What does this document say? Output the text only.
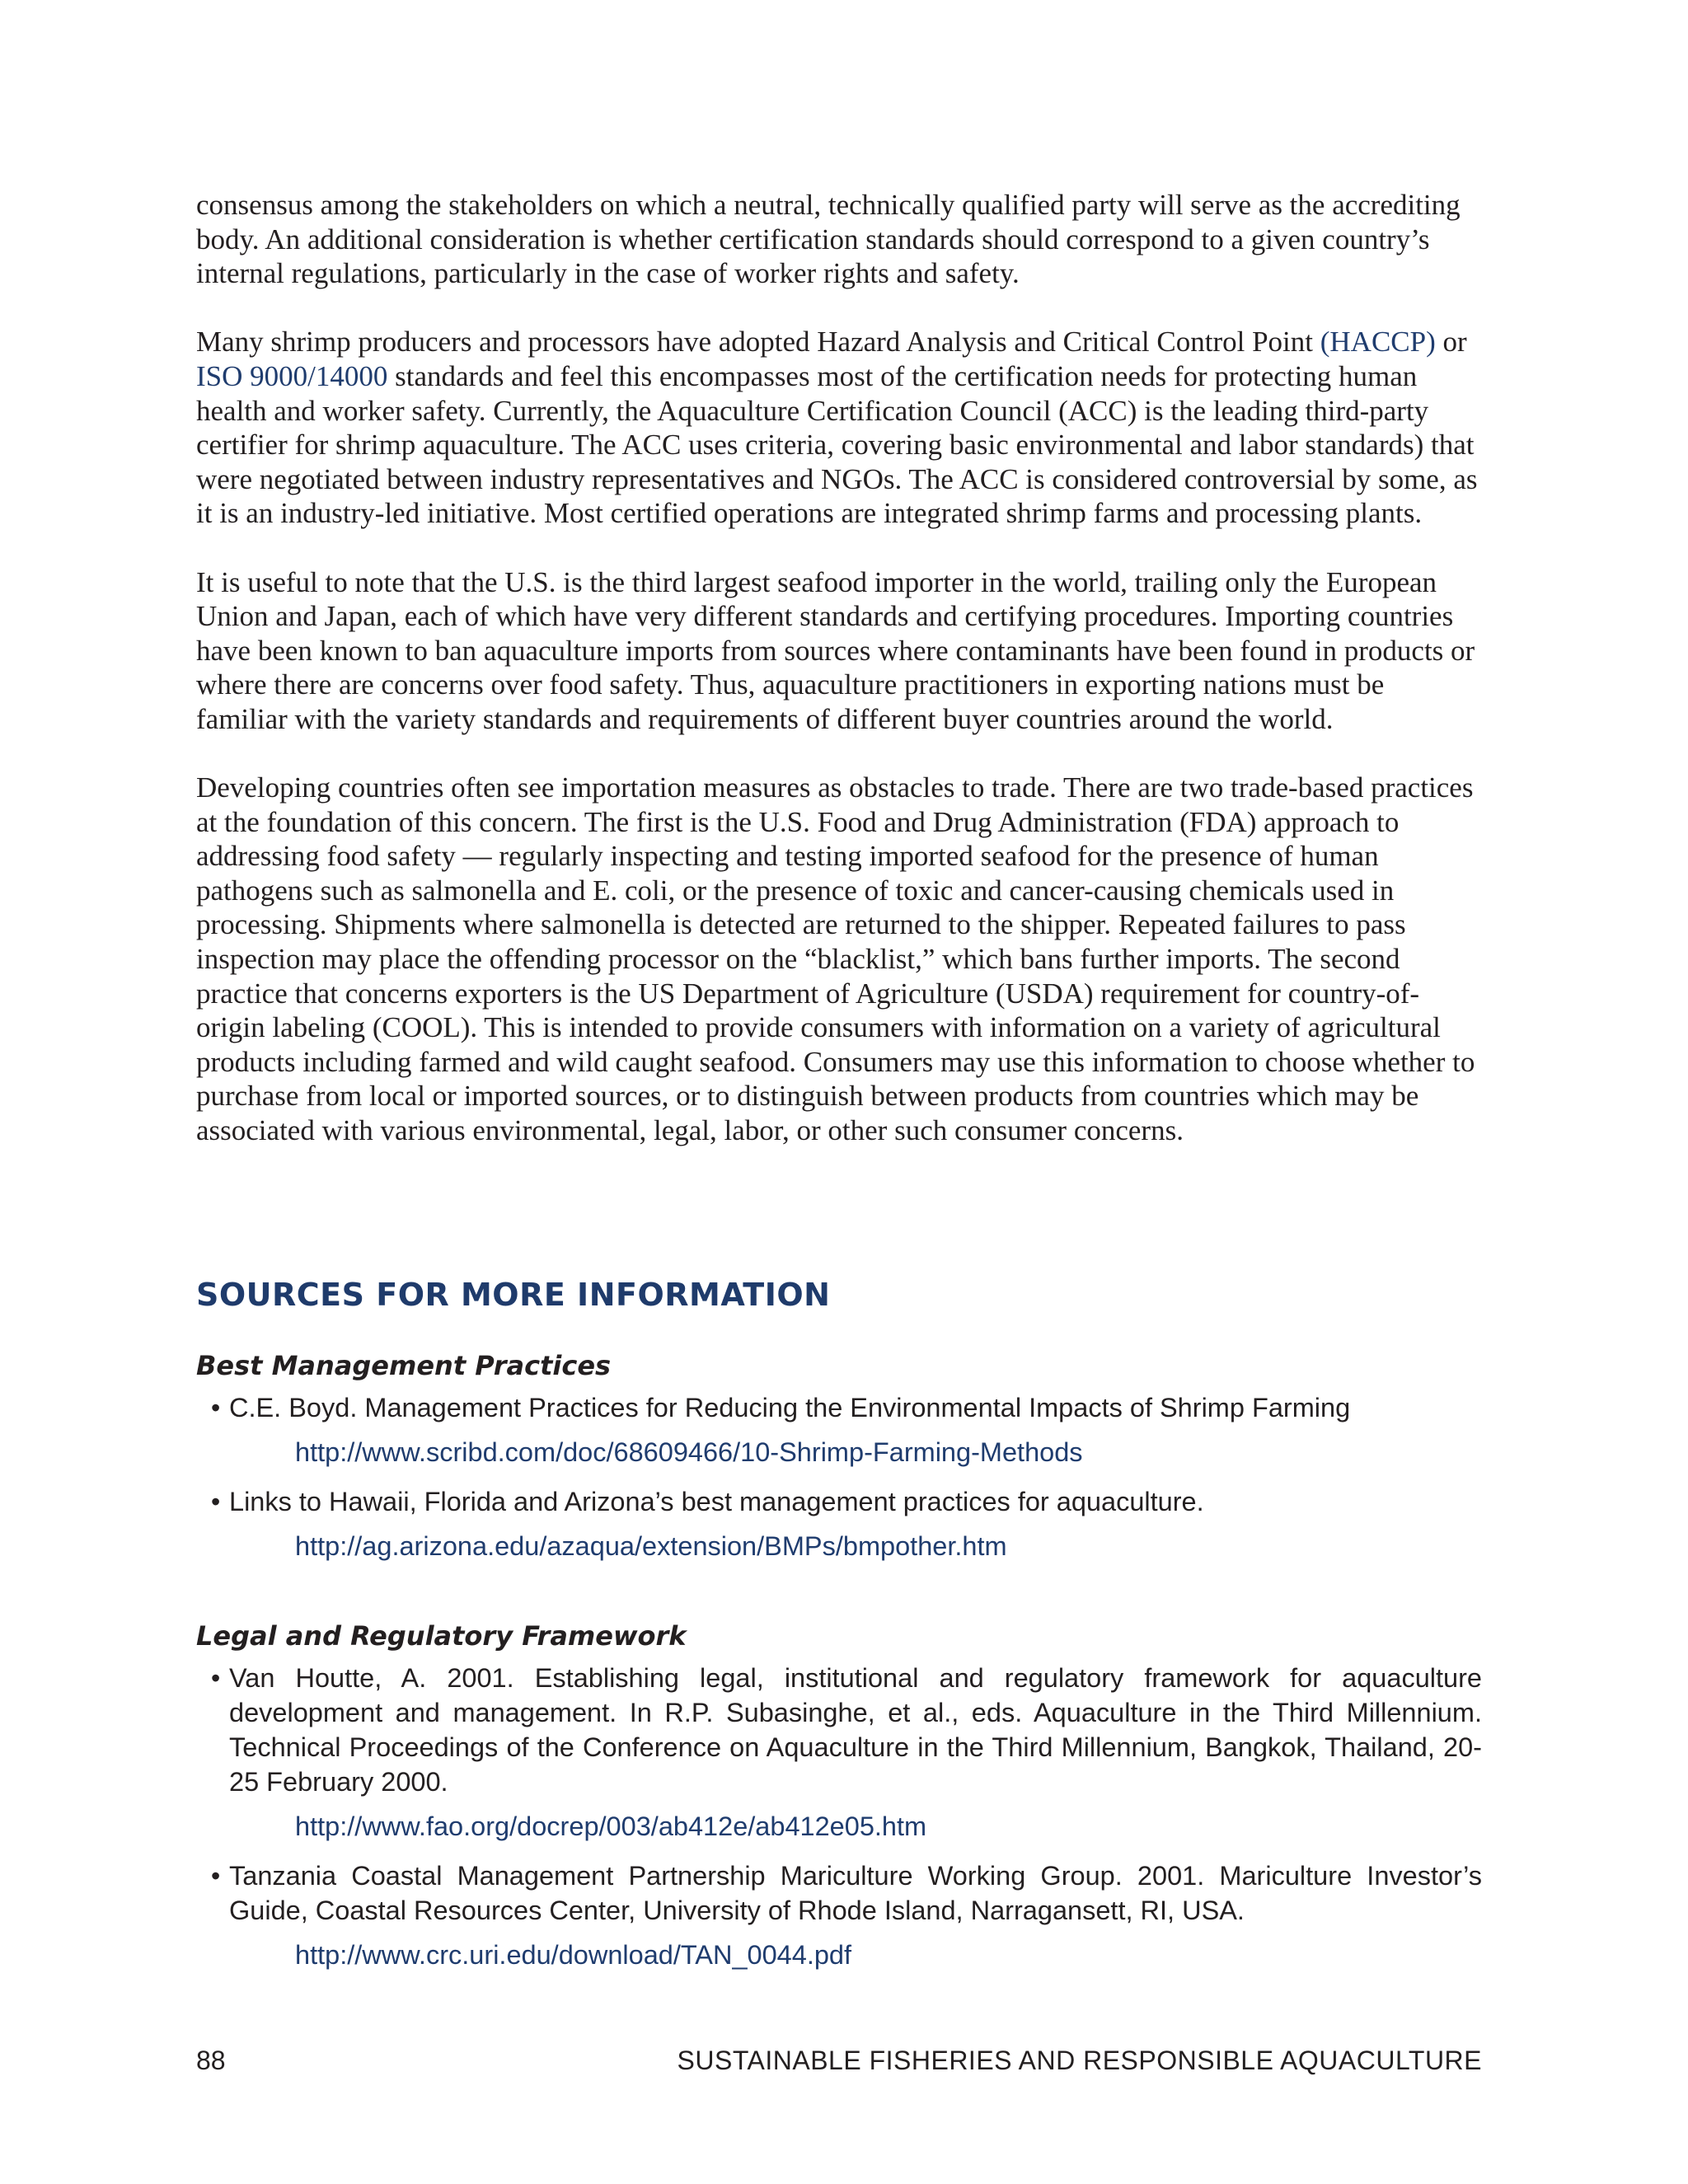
consensus among the stakeholders on which a neutral, technically qualified party will serve as the accrediting body. An additional consideration is whether certification standards should correspond to a given country’s internal regulations, particularly in the case of worker rights and safety.

Many shrimp producers and processors have adopted Hazard Analysis and Critical Control Point (HACCP) or ISO 9000/14000 standards and feel this encompasses most of the certification needs for protecting human health and worker safety. Currently, the Aquaculture Certification Council (ACC) is the leading third-party certifier for shrimp aquaculture. The ACC uses criteria, covering basic environmental and labor standards) that were negotiated between industry representatives and NGOs. The ACC is considered controversial by some, as it is an industry-led initiative. Most certified operations are integrated shrimp farms and processing plants.

It is useful to note that the U.S. is the third largest seafood importer in the world, trailing only the European Union and Japan, each of which have very different standards and certifying procedures. Importing countries have been known to ban aquaculture imports from sources where contaminants have been found in products or where there are concerns over food safety. Thus, aquaculture practitioners in exporting nations must be familiar with the variety standards and requirements of different buyer countries around the world.

Developing countries often see importation measures as obstacles to trade. There are two trade-based practices at the foundation of this concern. The first is the U.S. Food and Drug Administration (FDA) approach to addressing food safety — regularly inspecting and testing imported seafood for the presence of human pathogens such as salmonella and E. coli, or the presence of toxic and cancer-causing chemicals used in processing. Shipments where salmonella is detected are returned to the shipper. Repeated failures to pass inspection may place the offending processor on the “blacklist,” which bans further imports. The second practice that concerns exporters is the US Department of Agriculture (USDA) requirement for country-of-origin labeling (COOL). This is intended to provide consumers with information on a variety of agricultural products including farmed and wild caught seafood. Consumers may use this information to choose whether to purchase from local or imported sources, or to distinguish between products from countries which may be associated with various environmental, legal, labor, or other such consumer concerns.

SOURCES FOR MORE INFORMATION
Best Management Practices
• C.E. Boyd. Management Practices for Reducing the Environmental Impacts of Shrimp Farming
http://www.scribd.com/doc/68609466/10-Shrimp-Farming-Methods
• Links to Hawaii, Florida and Arizona’s best management practices for aquaculture.
http://ag.arizona.edu/azaqua/extension/BMPs/bmpother.htm
Legal and Regulatory Framework
• Van Houtte, A. 2001. Establishing legal, institutional and regulatory framework for aquaculture development and management. In R.P. Subasinghe, et al., eds. Aquaculture in the Third Millennium. Technical Proceedings of the Conference on Aquaculture in the Third Millennium, Bangkok, Thailand, 20-25 February 2000.
http://www.fao.org/docrep/003/ab412e/ab412e05.htm
• Tanzania Coastal Management Partnership Mariculture Working Group. 2001. Mariculture Investor’s Guide, Coastal Resources Center, University of Rhode Island, Narragansett, RI, USA.
http://www.crc.uri.edu/download/TAN_0044.pdf
88	SUSTAINABLE FISHERIES AND RESPONSIBLE AQUACULTURE
